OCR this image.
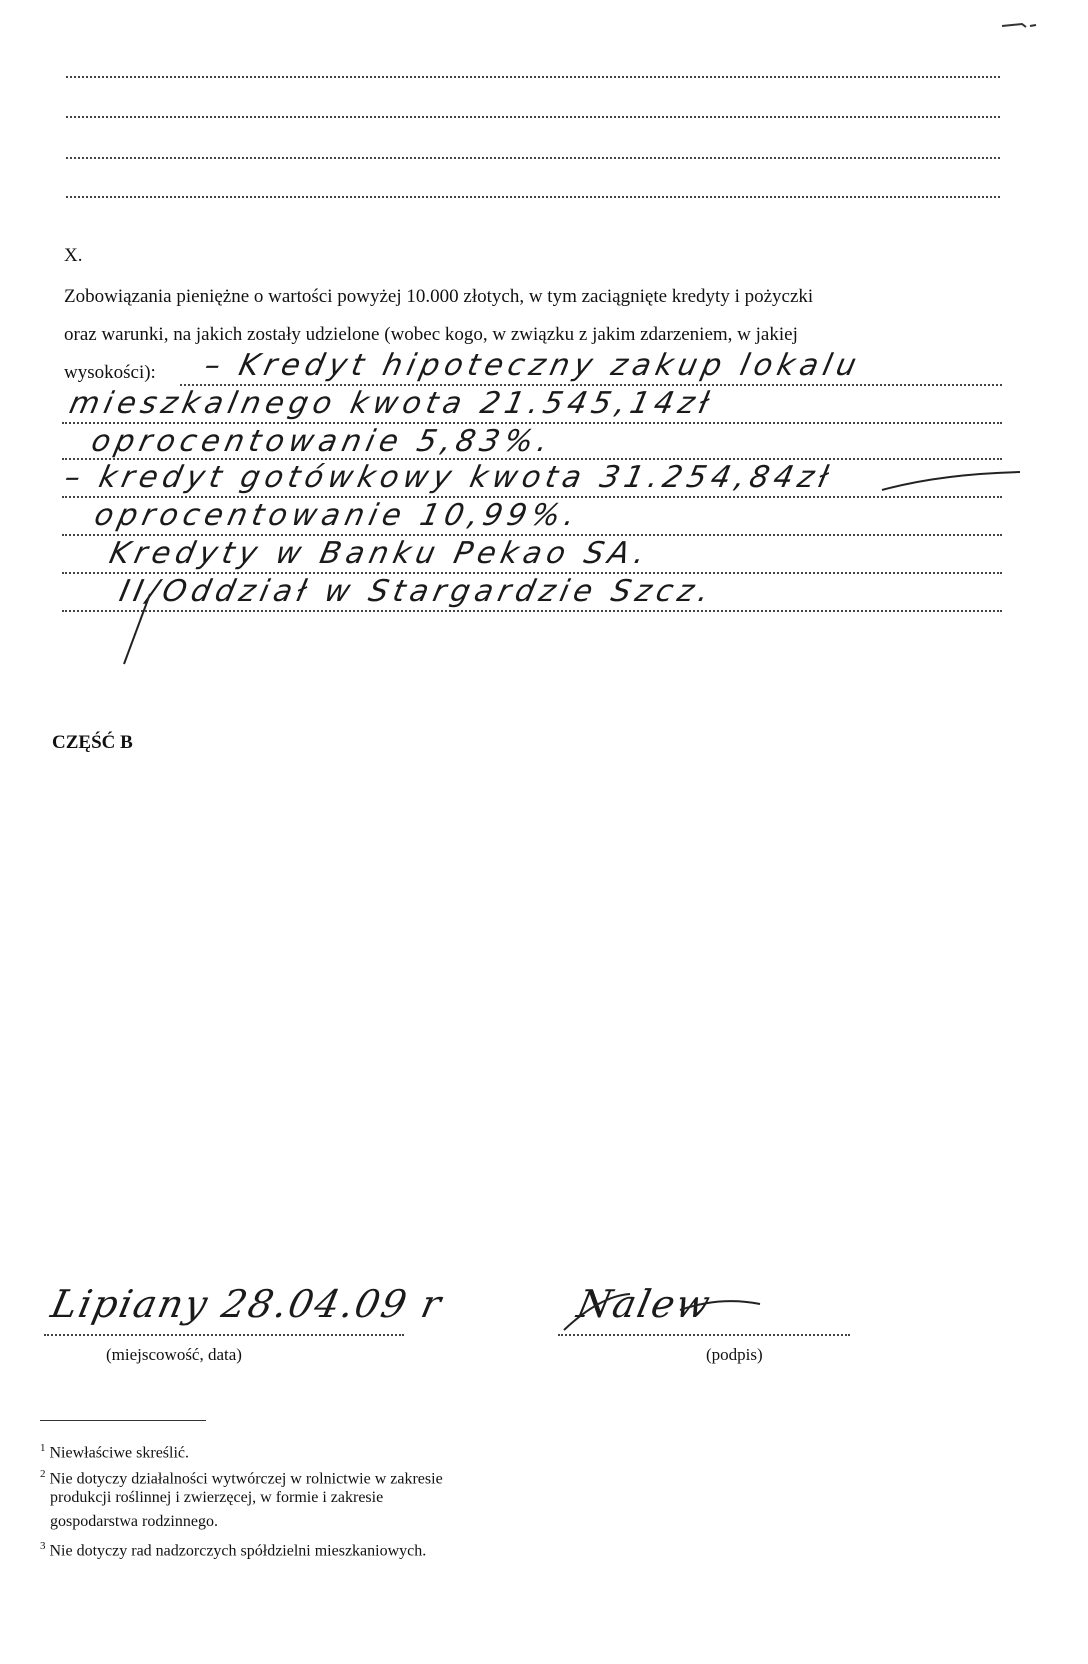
X.
Zobowiązania pieniężne o wartości powyżej 10.000 złotych, w tym zaciągnięte kredyty i pożyczki
oraz warunki, na jakich zostały udzielone (wobec kogo, w związku z jakim zdarzeniem, w jakiej
wysokości):	– Kredyt hipoteczny zakup lokalu
mieszkalnego kwota 21.545,14zł
oprocentowanie 5,83%.
– kredyt gotówkowy kwota 31.254,84zł
oprocentowanie 10,99%.
Kredyty w Banku Pekao SA.
II/Oddział w Stargardzie Szcz.
CZĘŚĆ B
Lipiany 28.04.09 r
(miejscowość, data)
Nalew
(podpis)
$^1$ Niewłaściwe skreślić.
$^2$ Nie dotyczy działalności wytwórczej w rolnictwie w zakresie
produkcji roślinnej i zwierzęcej, w formie i zakresie
gospodarstwa rodzinnego.
$^3$ Nie dotyczy rad nadzorczych spółdzielni mieszkaniowych.
